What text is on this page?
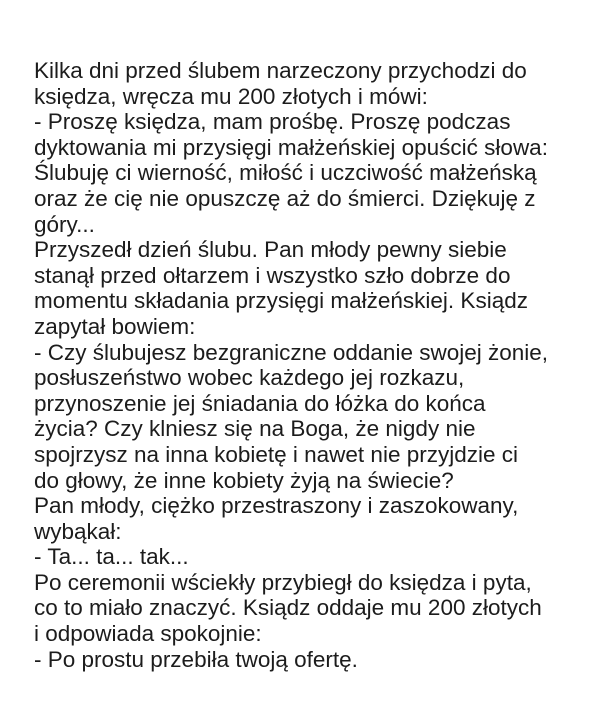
Kilka dni przed ślubem narzeczony przychodzi do
księdza, wręcza mu 200 złotych i mówi:
- Proszę księdza, mam prośbę. Proszę podczas
dyktowania mi przysięgi małżeńskiej opuścić słowa:
Ślubuję ci wierność, miłość i uczciwość małżeńską
oraz że cię nie opuszczę aż do śmierci. Dziękuję z
góry...
Przyszedł dzień ślubu. Pan młody pewny siebie
stanął przed ołtarzem i wszystko szło dobrze do
momentu składania przysięgi małżeńskiej. Ksiądz
zapytał bowiem:
- Czy ślubujesz bezgraniczne oddanie swojej żonie,
posłuszeństwo wobec każdego jej rozkazu,
przynoszenie jej śniadania do łóżka do końca
życia? Czy klniesz się na Boga, że nigdy nie
spojrzysz na inna kobietę i nawet nie przyjdzie ci
do głowy, że inne kobiety żyją na świecie?
Pan młody, ciężko przestraszony i zaszokowany,
wybąkał:
- Ta... ta... tak...
Po ceremonii wściekły przybiegł do księdza i pyta,
co to miało znaczyć. Ksiądz oddaje mu 200 złotych
i odpowiada spokojnie:
- Po prostu przebiła twoją ofertę.
